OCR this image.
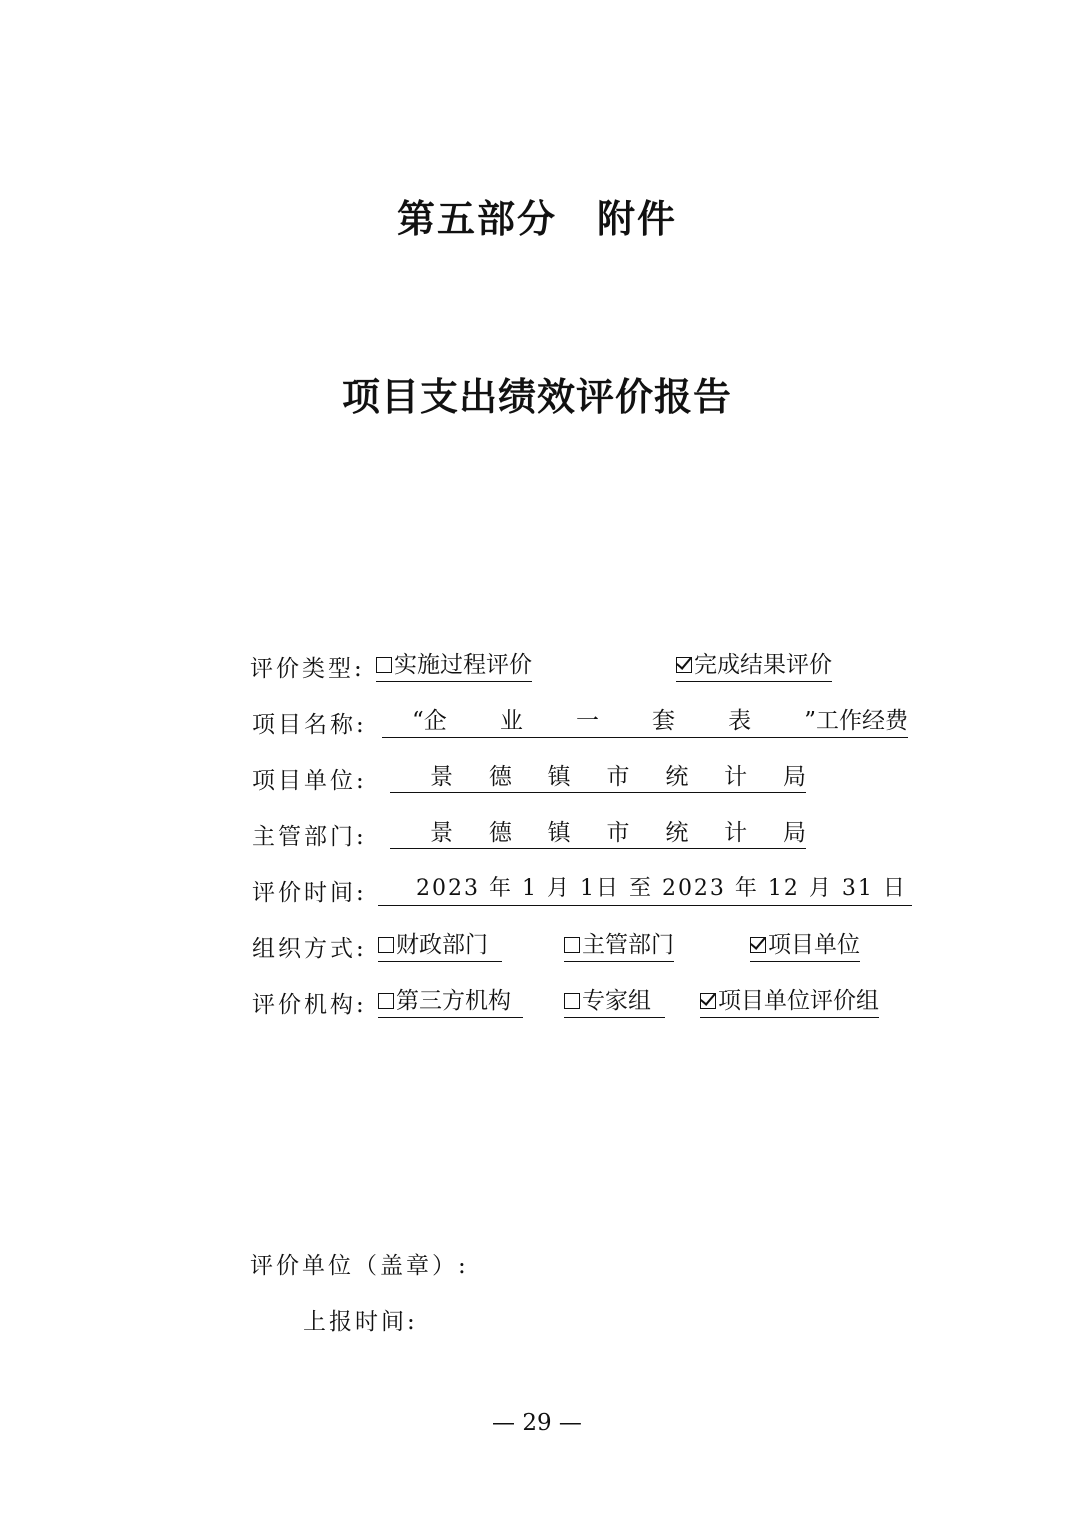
第五部分　附件
项目支出绩效评价报告
评价类型:	实施过程评价	完成结果评价
项目名称: “企 业 一 套 表 ”工作经费
项目单位:	景 德 镇 市 统 计 局
主管部门:	景 德 镇 市 统 计 局
评价时间:	2023 年 1 月 1日 至 2023 年 12 月 31 日
组织方式:	财政部门	主管部门	项目单位
评价机构:	第三方机构	专家组	项目单位评价组
评价单位（盖章）:
上报时间:
— 29 —
